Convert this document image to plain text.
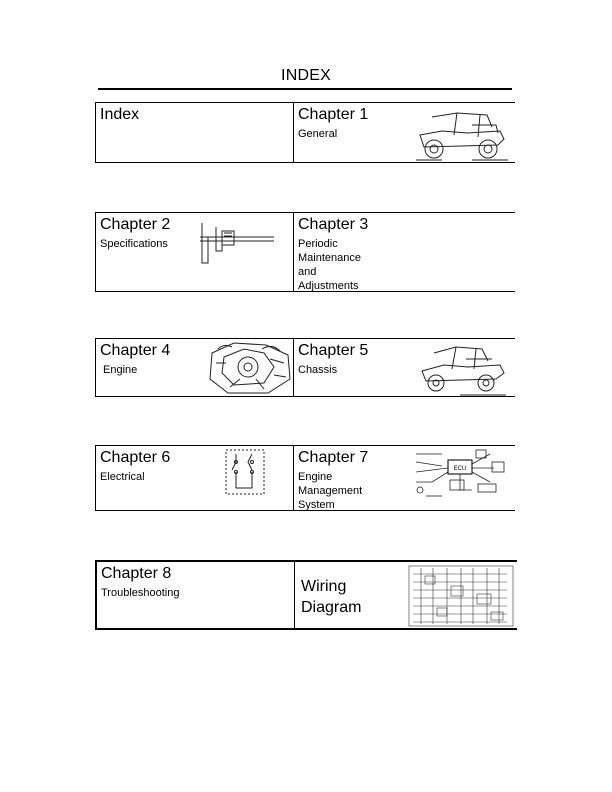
INDEX
Index	Chapter 1
General
Chapter 2
Specifications
Chapter 3
Periodic
Maintenance
and
Adjustments
Chapter 4
Engine
Chapter 5
Chassis
Chapter 6
Electrical
Chapter 7
Engine
Management
System
ECU
Chapter 8
Troubleshooting	Wiring
Diagram
